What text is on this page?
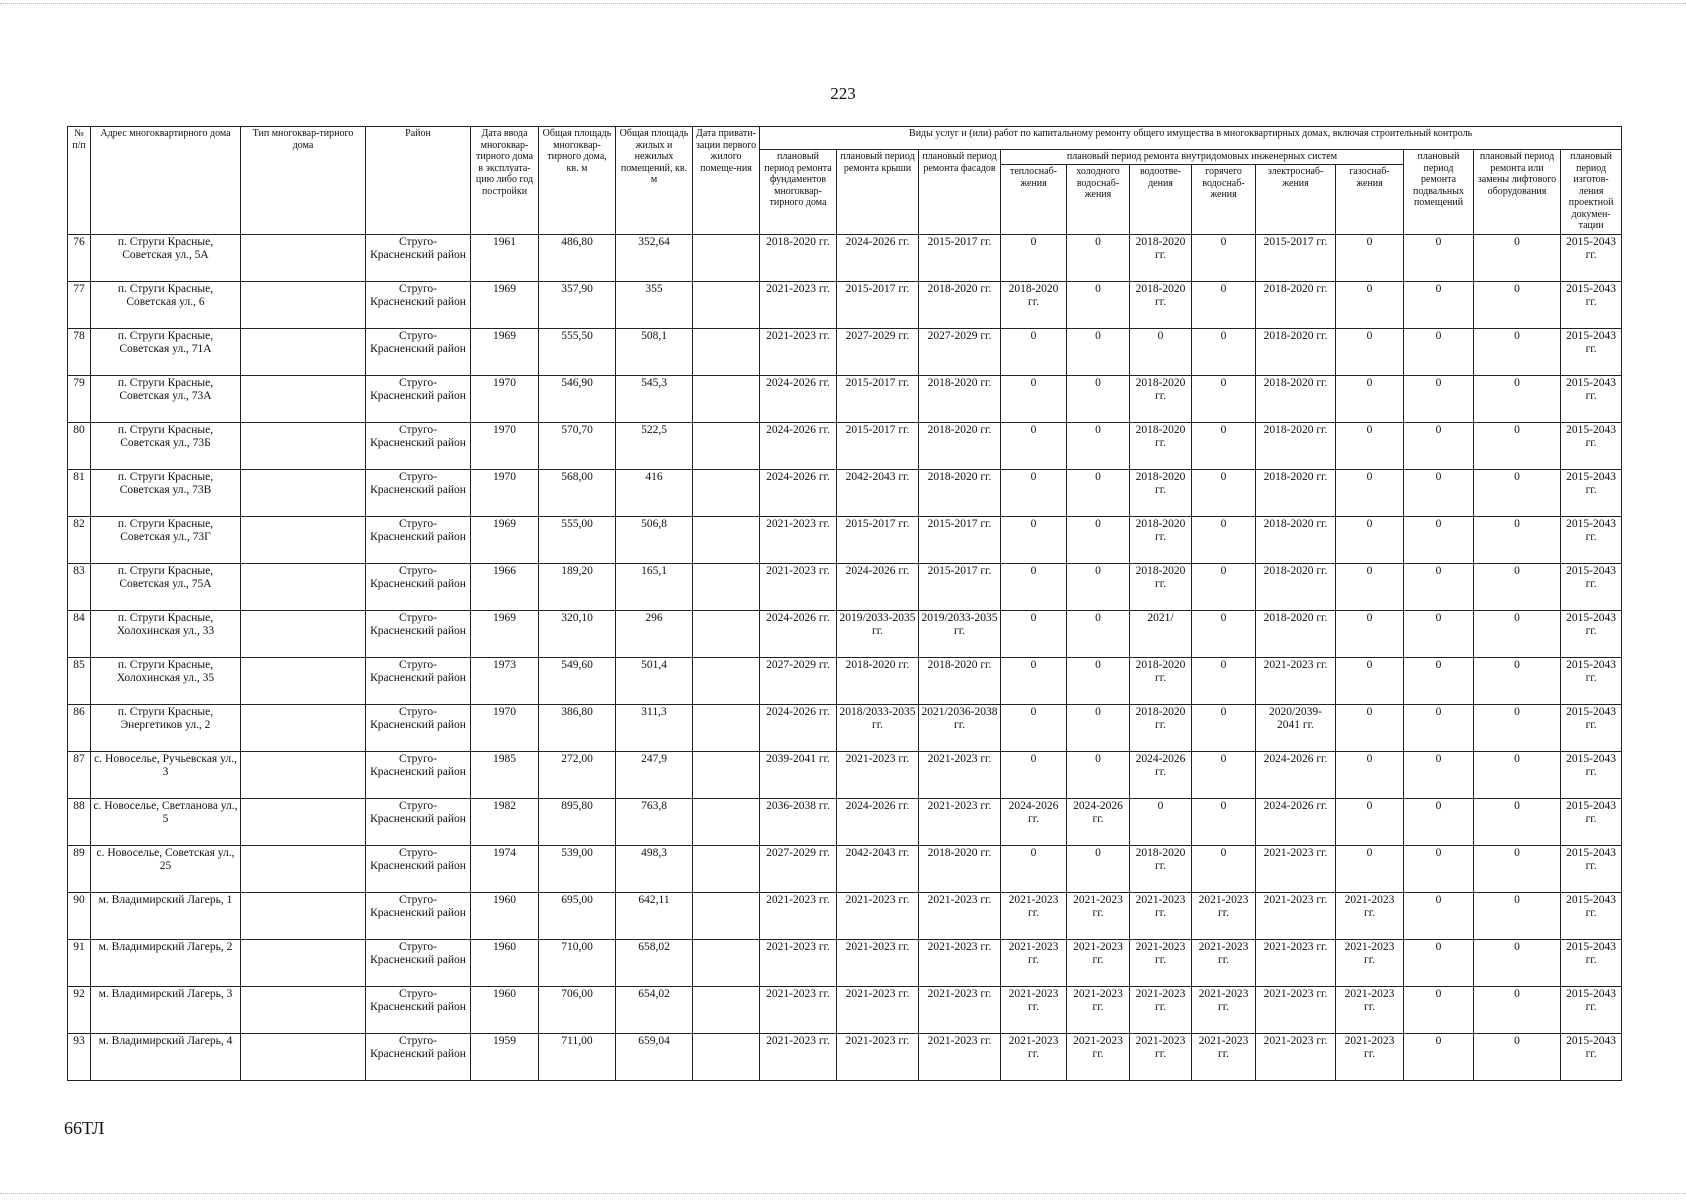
223
№ п/п	Адрес многоквартирного дома	Тип многоквар-тирного дома	Район	Дата ввода многоквар-тирного дома в эксплуата-цию либо год постройки	Общая площадь многоквар-тирного дома, кв. м	Общая площадь жилых и нежилых помещений, кв. м	Дата привати-зации первого жилого помеще-ния	Виды услуг и (или) работ по капитальному ремонту общего имущества в многоквартирных домах, включая строительный контроль											
								плановый период ремонта фундаментов многоквар-тирного дома	плановый период ремонта крыши	плановый период ремонта фасадов	плановый период ремонта внутридомовых инженерных систем						плановый период ремонта подвальных помещений	плановый период ремонта или замены лифтового оборудования	плановый период изготов-ления проектной докумен-тации
											теплоснаб-жения	холодного водоснаб-жения	водоотве-дения	горячего водоснаб-жения	электроснаб-жения	газоснаб-жения			
76	п. Струги Красные, Советская ул., 5А		Струго-Красненский район	1961	486,80	352,64		2018-2020 гг.	2024-2026 гг.	2015-2017 гг.	0	0	2018-2020 гг.	0	2015-2017 гг.	0	0	0	2015-2043 гг.
77	п. Струги Красные, Советская ул., 6		Струго-Красненский район	1969	357,90	355		2021-2023 гг.	2015-2017 гг.	2018-2020 гг.	2018-2020 гг.	0	2018-2020 гг.	0	2018-2020 гг.	0	0	0	2015-2043 гг.
78	п. Струги Красные, Советская ул., 71А		Струго-Красненский район	1969	555,50	508,1		2021-2023 гг.	2027-2029 гг.	2027-2029 гг.	0	0	0	0	2018-2020 гг.	0	0	0	2015-2043 гг.
79	п. Струги Красные, Советская ул., 73А		Струго-Красненский район	1970	546,90	545,3		2024-2026 гг.	2015-2017 гг.	2018-2020 гг.	0	0	2018-2020 гг.	0	2018-2020 гг.	0	0	0	2015-2043 гг.
80	п. Струги Красные, Советская ул., 73Б		Струго-Красненский район	1970	570,70	522,5		2024-2026 гг.	2015-2017 гг.	2018-2020 гг.	0	0	2018-2020 гг.	0	2018-2020 гг.	0	0	0	2015-2043 гг.
81	п. Струги Красные, Советская ул., 73В		Струго-Красненский район	1970	568,00	416		2024-2026 гг.	2042-2043 гг.	2018-2020 гг.	0	0	2018-2020 гг.	0	2018-2020 гг.	0	0	0	2015-2043 гг.
82	п. Струги Красные, Советская ул., 73Г		Струго-Красненский район	1969	555,00	506,8		2021-2023 гг.	2015-2017 гг.	2015-2017 гг.	0	0	2018-2020 гг.	0	2018-2020 гг.	0	0	0	2015-2043 гг.
83	п. Струги Красные, Советская ул., 75А		Струго-Красненский район	1966	189,20	165,1		2021-2023 гг.	2024-2026 гг.	2015-2017 гг.	0	0	2018-2020 гг.	0	2018-2020 гг.	0	0	0	2015-2043 гг.
84	п. Струги Красные, Холохинская ул., 33		Струго-Красненский район	1969	320,10	296		2024-2026 гг.	2019/2033-2035 гг.	2019/2033-2035 гг.	0	0	2021/	0	2018-2020 гг.	0	0	0	2015-2043 гг.
85	п. Струги Красные, Холохинская ул., 35		Струго-Красненский район	1973	549,60	501,4		2027-2029 гг.	2018-2020 гг.	2018-2020 гг.	0	0	2018-2020 гг.	0	2021-2023 гг.	0	0	0	2015-2043 гг.
86	п. Струги Красные, Энергетиков ул., 2		Струго-Красненский район	1970	386,80	311,3		2024-2026 гг.	2018/2033-2035 гг.	2021/2036-2038 гг.	0	0	2018-2020 гг.	0	2020/2039-2041 гг.	0	0	0	2015-2043 гг.
87	с. Новоселье, Ручьевская ул., 3		Струго-Красненский район	1985	272,00	247,9		2039-2041 гг.	2021-2023 гг.	2021-2023 гг.	0	0	2024-2026 гг.	0	2024-2026 гг.	0	0	0	2015-2043 гг.
88	с. Новоселье, Светланова ул., 5		Струго-Красненский район	1982	895,80	763,8		2036-2038 гг.	2024-2026 гг.	2021-2023 гг.	2024-2026 гг.	2024-2026 гг.	0	0	2024-2026 гг.	0	0	0	2015-2043 гг.
89	с. Новоселье, Советская ул., 25		Струго-Красненский район	1974	539,00	498,3		2027-2029 гг.	2042-2043 гг.	2018-2020 гг.	0	0	2018-2020 гг.	0	2021-2023 гг.	0	0	0	2015-2043 гг.
90	м. Владимирский Лагерь, 1		Струго-Красненский район	1960	695,00	642,11		2021-2023 гг.	2021-2023 гг.	2021-2023 гг.	2021-2023 гг.	2021-2023 гг.	2021-2023 гг.	2021-2023 гг.	2021-2023 гг.	2021-2023 гг.	0	0	2015-2043 гг.
91	м. Владимирский Лагерь, 2		Струго-Красненский район	1960	710,00	658,02		2021-2023 гг.	2021-2023 гг.	2021-2023 гг.	2021-2023 гг.	2021-2023 гг.	2021-2023 гг.	2021-2023 гг.	2021-2023 гг.	2021-2023 гг.	0	0	2015-2043 гг.
92	м. Владимирский Лагерь, 3		Струго-Красненский район	1960	706,00	654,02		2021-2023 гг.	2021-2023 гг.	2021-2023 гг.	2021-2023 гг.	2021-2023 гг.	2021-2023 гг.	2021-2023 гг.	2021-2023 гг.	2021-2023 гг.	0	0	2015-2043 гг.
93	м. Владимирский Лагерь, 4		Струго-Красненский район	1959	711,00	659,04		2021-2023 гг.	2021-2023 гг.	2021-2023 гг.	2021-2023 гг.	2021-2023 гг.	2021-2023 гг.	2021-2023 гг.	2021-2023 гг.	2021-2023 гг.	0	0	2015-2043 гг.
66ТЛ
